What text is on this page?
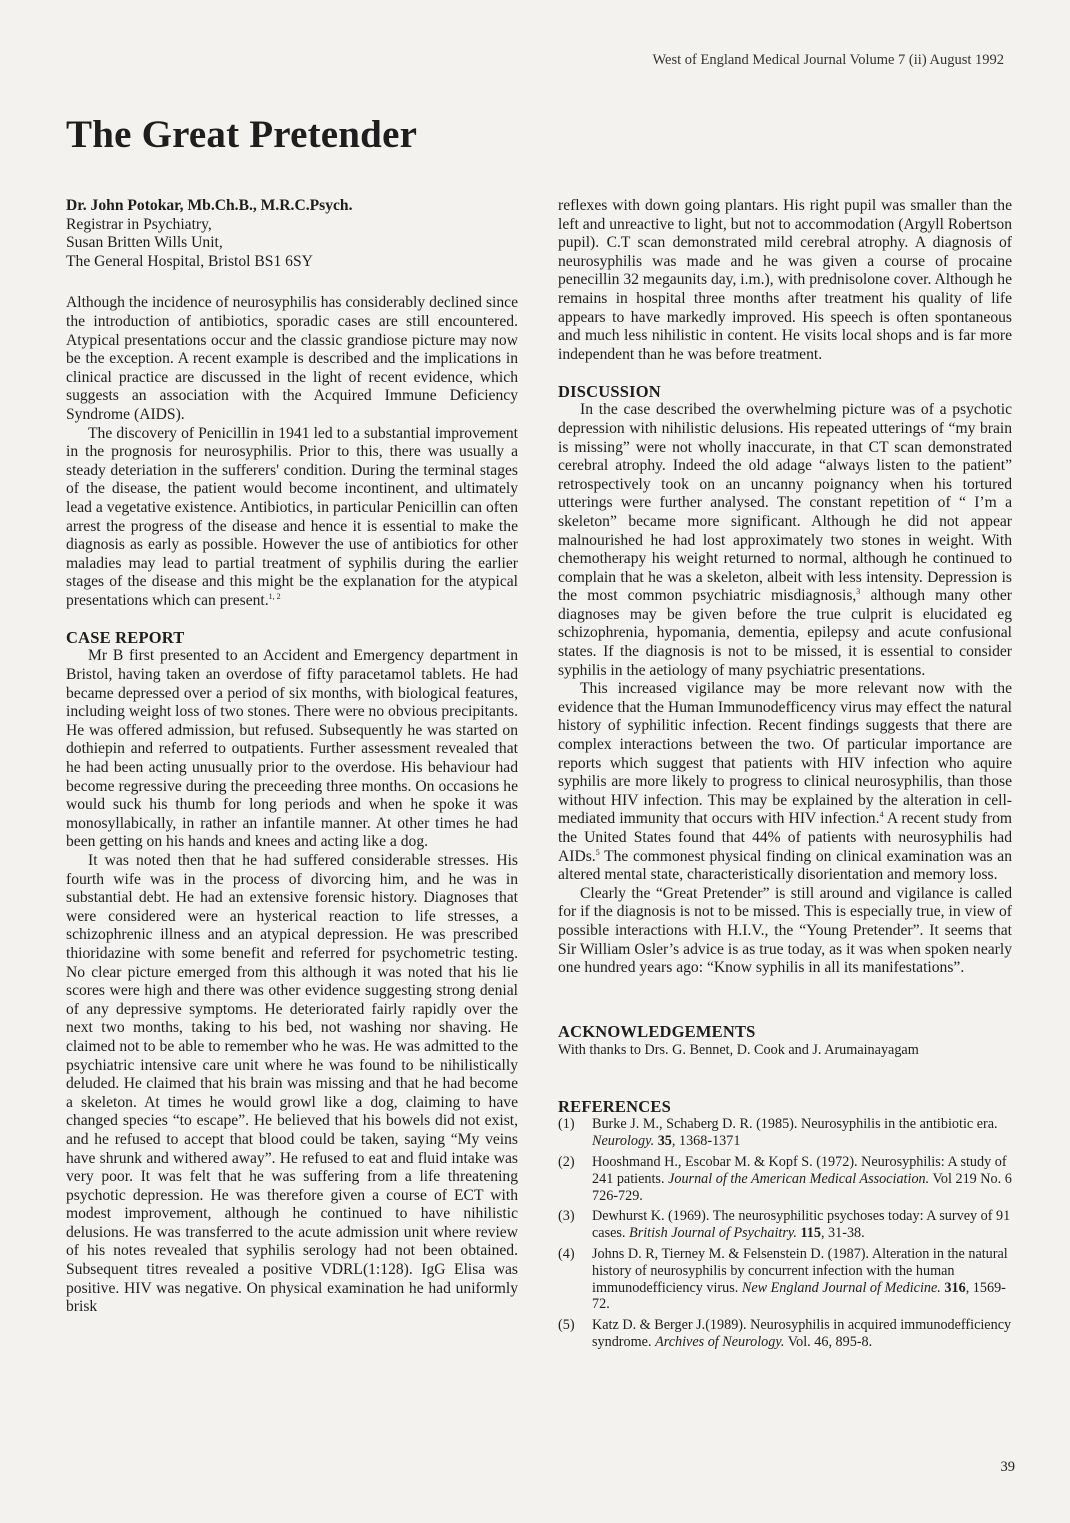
West of England Medical Journal Volume 7 (ii) August 1992
The Great Pretender

Dr. John Potokar, Mb.Ch.B., M.R.C.Psych.

Registrar in Psychiatry,

Susan Britten Wills Unit,

The General Hospital, Bristol BS1 6SY

Although the incidence of neurosyphilis has considerably declined since the introduction of antibiotics, sporadic cases are still encountered. Atypical presentations occur and the classic grandiose picture may now be the exception. A recent example is described and the implications in clinical practice are discussed in the light of recent evidence, which suggests an association with the Acquired Immune Deficiency Syndrome (AIDS).

The discovery of Penicillin in 1941 led to a substantial improvement in the prognosis for neurosyphilis. Prior to this, there was usually a steady deteriation in the sufferers' condition. During the terminal stages of the disease, the patient would become incontinent, and ultimately lead a vegetative existence. Antibiotics, in particular Penicillin can often arrest the progress of the disease and hence it is essential to make the diagnosis as early as possible. However the use of antibiotics for other maladies may lead to partial treatment of syphilis during the earlier stages of the disease and this might be the explanation for the atypical presentations which can present.$^{1, 2}$

CASE REPORT

Mr B first presented to an Accident and Emergency department in Bristol, having taken an overdose of fifty paracetamol tablets. He had became depressed over a period of six months, with biological features, including weight loss of two stones. There were no obvious precipitants. He was offered admission, but refused. Subsequently he was started on dothiepin and referred to outpatients. Further assessment revealed that he had been acting unusually prior to the overdose. His behaviour had become regressive during the preceeding three months. On occasions he would suck his thumb for long periods and when he spoke it was monosyllabically, in rather an infantile manner. At other times he had been getting on his hands and knees and acting like a dog.

It was noted then that he had suffered considerable stresses. His fourth wife was in the process of divorcing him, and he was in substantial debt. He had an extensive forensic history. Diagnoses that were considered were an hysterical reaction to life stresses, a schizophrenic illness and an atypical depression. He was prescribed thioridazine with some benefit and referred for psychometric testing. No clear picture emerged from this although it was noted that his lie scores were high and there was other evidence suggesting strong denial of any depressive symptoms. He deteriorated fairly rapidly over the next two months, taking to his bed, not washing nor shaving. He claimed not to be able to remember who he was. He was admitted to the psychiatric intensive care unit where he was found to be nihilistically deluded. He claimed that his brain was missing and that he had become a skeleton. At times he would growl like a dog, claiming to have changed species “to escape”. He believed that his bowels did not exist, and he refused to accept that blood could be taken, saying “My veins have shrunk and withered away”. He refused to eat and fluid intake was very poor. It was felt that he was suffering from a life threatening psychotic depression. He was therefore given a course of ECT with modest improvement, although he continued to have nihilistic delusions. He was transferred to the acute admission unit where review of his notes revealed that syphilis serology had not been obtained. Subsequent titres revealed a positive VDRL(1:128). IgG Elisa was positive. HIV was negative. On physical examination he had uniformly brisk

reflexes with down going plantars. His right pupil was smaller than the left and unreactive to light, but not to accommodation (Argyll Robertson pupil). C.T scan demonstrated mild cerebral atrophy. A diagnosis of neurosyphilis was made and he was given a course of procaine penecillin 32 megaunits day, i.m.), with prednisolone cover. Although he remains in hospital three months after treatment his quality of life appears to have markedly improved. His speech is often spontaneous and much less nihilistic in content. He visits local shops and is far more independent than he was before treatment.

DISCUSSION

In the case described the overwhelming picture was of a psychotic depression with nihilistic delusions. His repeated utterings of “my brain is missing” were not wholly inaccurate, in that CT scan demonstrated cerebral atrophy. Indeed the old adage “always listen to the patient” retrospectively took on an uncanny poignancy when his tortured utterings were further analysed. The constant repetition of “ I’m a skeleton” became more significant. Although he did not appear malnourished he had lost approximately two stones in weight. With chemotherapy his weight returned to normal, although he continued to complain that he was a skeleton, albeit with less intensity. Depression is the most common psychiatric misdiagnosis,$^3$ although many other diagnoses may be given before the true culprit is elucidated eg schizophrenia, hypomania, dementia, epilepsy and acute confusional states. If the diagnosis is not to be missed, it is essential to consider syphilis in the aetiology of many psychiatric presentations.

This increased vigilance may be more relevant now with the evidence that the Human Immunodefficency virus may effect the natural history of syphilitic infection. Recent findings suggests that there are complex interactions between the two. Of particular importance are reports which suggest that patients with HIV infection who aquire syphilis are more likely to progress to clinical neurosyphilis, than those without HIV infection. This may be explained by the alteration in cell-mediated immunity that occurs with HIV infection.$^4$ A recent study from the United States found that 44% of patients with neurosyphilis had AIDs.$^5$ The commonest physical finding on clinical examination was an altered mental state, characteristically disorientation and memory loss.

Clearly the “Great Pretender” is still around and vigilance is called for if the diagnosis is not to be missed. This is especially true, in view of possible interactions with H.I.V., the “Young Pretender”. It seems that Sir William Osler’s advice is as true today, as it was when spoken nearly one hundred years ago: “Know syphilis in all its manifestations”.

ACKNOWLEDGEMENTS

With thanks to Drs. G. Bennet, D. Cook and J. Arumainayagam

REFERENCES
(1)	Burke J. M., Schaberg D. R. (1985). Neurosyphilis in the antibiotic era. Neurology. 35, 1368-1371
(2)	Hooshmand H., Escobar M. & Kopf S. (1972). Neurosyphilis: A study of 241 patients. Journal of the American Medical Association. Vol 219 No. 6 726-729.
(3)	Dewhurst K. (1969). The neurosyphilitic psychoses today: A survey of 91 cases. British Journal of Psychaitry. 115, 31-38.
(4)	Johns D. R, Tierney M. & Felsenstein D. (1987). Alteration in the natural history of neurosyphilis by concurrent infection with the human immunodefficiency virus. New England Journal of Medicine. 316, 1569-72.
(5)	Katz D. & Berger J.(1989). Neurosyphilis in acquired immunodefficiency syndrome. Archives of Neurology. Vol. 46, 895-8.
39
